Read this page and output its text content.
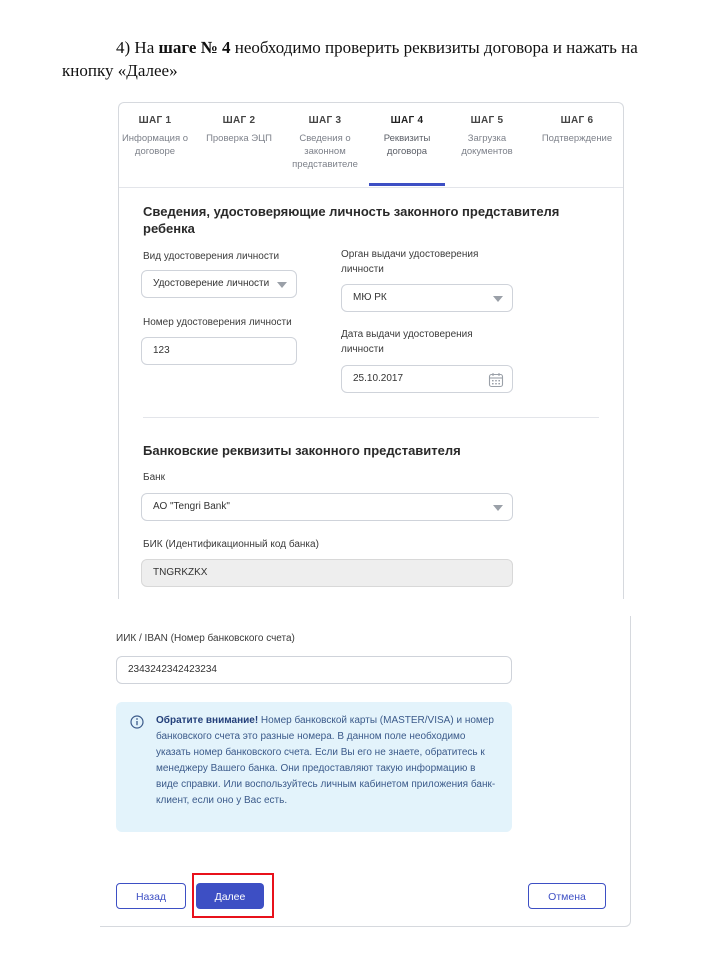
4) На шаге № 4 необходимо проверить реквизиты договора и нажать на кнопку «Далее»
ШАГ 1
Информация о договоре
ШАГ 2
Проверка ЭЦП
ШАГ 3
Сведения о законном представителе
ШАГ 4
Реквизиты договора
ШАГ 5
Загрузка документов
ШАГ 6
Подтверждение
Сведения, удостоверяющие личность законного представителя ребенка
Вид удостоверения личности
Удостоверение личности
Орган выдачи удостоверения личности
МЮ РК
Номер удостоверения личности
123
Дата выдачи удостоверения личности
25.10.2017
Банковские реквизиты законного представителя
Банк
АО "Tengri Bank"
БИК (Идентификационный код банка)
TNGRKZKX
ИИК / IBAN (Номер банковского счета)
2343242342423234
Обратите внимание! Номер банковской карты (MASTER/VISA) и номер банковского счета это разные номера. В данном поле необходимо указать номер банковского счета. Если Вы его не знаете, обратитесь к менеджеру Вашего банка. Они предоставляют такую информацию в виде справки. Или воспользуйтесь личным кабинетом приложения банк-клиент, если оно у Вас есть.
Назад	Далее	Отмена
